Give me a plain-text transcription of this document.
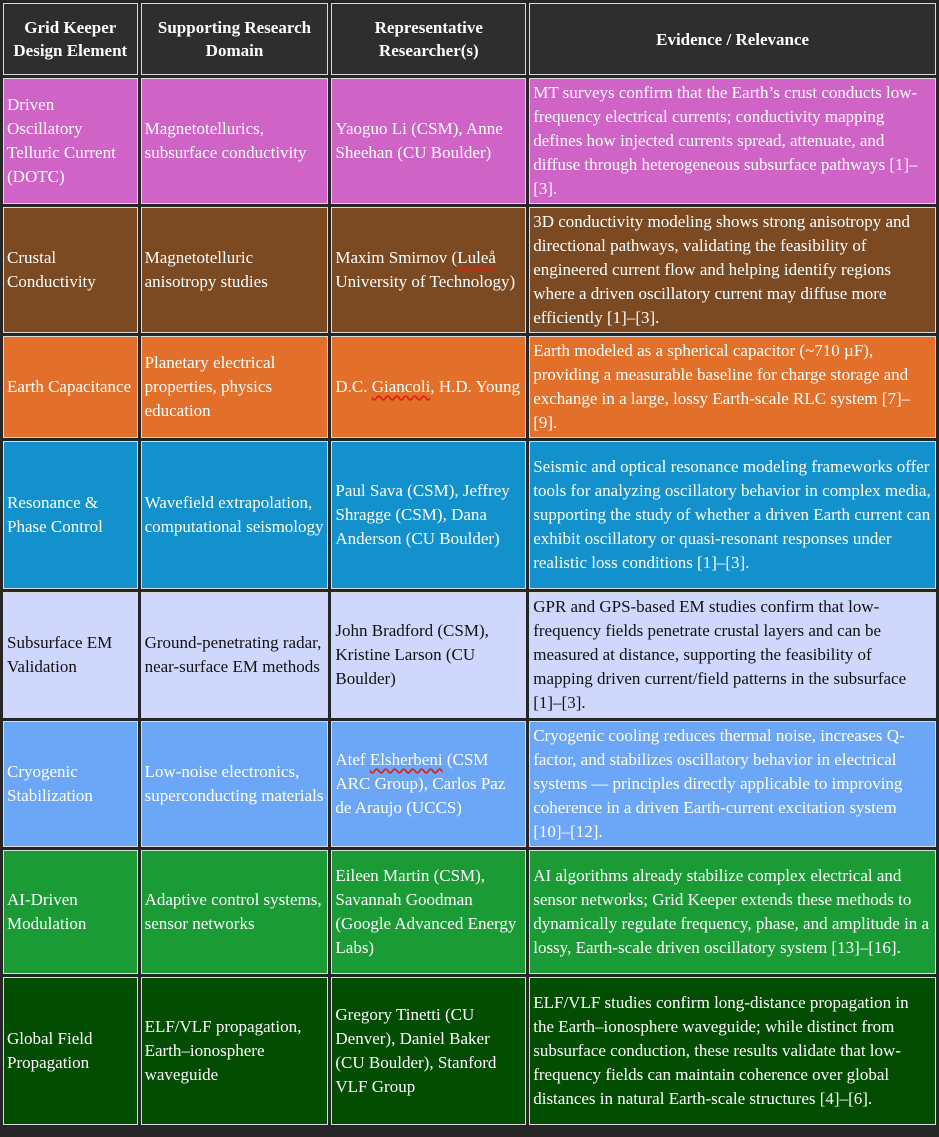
Grid Keeper Design Element	Supporting Research Domain	Representative Researcher(s)	Evidence / Relevance
Driven Oscillatory Telluric Current (DOTC)	Magnetotellurics, subsurface conductivity	Yaoguo Li (CSM), Anne Sheehan (CU Boulder)	MT surveys confirm that the Earth’s crust conducts low-frequency electrical currents; conductivity mapping defines how injected currents spread, attenuate, and diffuse through heterogeneous subsurface pathways [1]–[3].
Crustal Conductivity	Magnetotelluric anisotropy studies	Maxim Smirnov (Luleå University of Technology)	3D conductivity modeling shows strong anisotropy and directional pathways, validating the feasibility of engineered current flow and helping identify regions where a driven oscillatory current may diffuse more efficiently [1]–[3].
Earth Capacitance	Planetary electrical properties, physics education	D.C. Giancoli, H.D. Young	Earth modeled as a spherical capacitor (~710 µF), providing a measurable baseline for charge storage and exchange in a large, lossy Earth-scale RLC system [7]–[9].
Resonance & Phase Control	Wavefield extrapolation, computational seismology	Paul Sava (CSM), Jeffrey Shragge (CSM), Dana Anderson (CU Boulder)	Seismic and optical resonance modeling frameworks offer tools for analyzing oscillatory behavior in complex media, supporting the study of whether a driven Earth current can exhibit oscillatory or quasi-resonant responses under realistic loss conditions [1]–[3].
Subsurface EM Validation	Ground-penetrating radar, near-surface EM methods	John Bradford (CSM), Kristine Larson (CU Boulder)	GPR and GPS-based EM studies confirm that low-frequency fields penetrate crustal layers and can be measured at distance, supporting the feasibility of mapping driven current/field patterns in the subsurface [1]–[3].
Cryogenic Stabilization	Low-noise electronics, superconducting materials	Atef Elsherbeni (CSM ARC Group), Carlos Paz de Araujo (UCCS)	Cryogenic cooling reduces thermal noise, increases Q-factor, and stabilizes oscillatory behavior in electrical systems — principles directly applicable to improving coherence in a driven Earth-current excitation system [10]–[12].
AI-Driven Modulation	Adaptive control systems, sensor networks	Eileen Martin (CSM), Savannah Goodman (Google Advanced Energy Labs)	AI algorithms already stabilize complex electrical and sensor networks; Grid Keeper extends these methods to dynamically regulate frequency, phase, and amplitude in a lossy, Earth-scale driven oscillatory system [13]–[16].
Global Field Propagation	ELF/VLF propagation, Earth–ionosphere waveguide	Gregory Tinetti (CU Denver), Daniel Baker (CU Boulder), Stanford VLF Group	ELF/VLF studies confirm long-distance propagation in the Earth–ionosphere waveguide; while distinct from subsurface conduction, these results validate that low-frequency fields can maintain coherence over global distances in natural Earth-scale structures [4]–[6].
